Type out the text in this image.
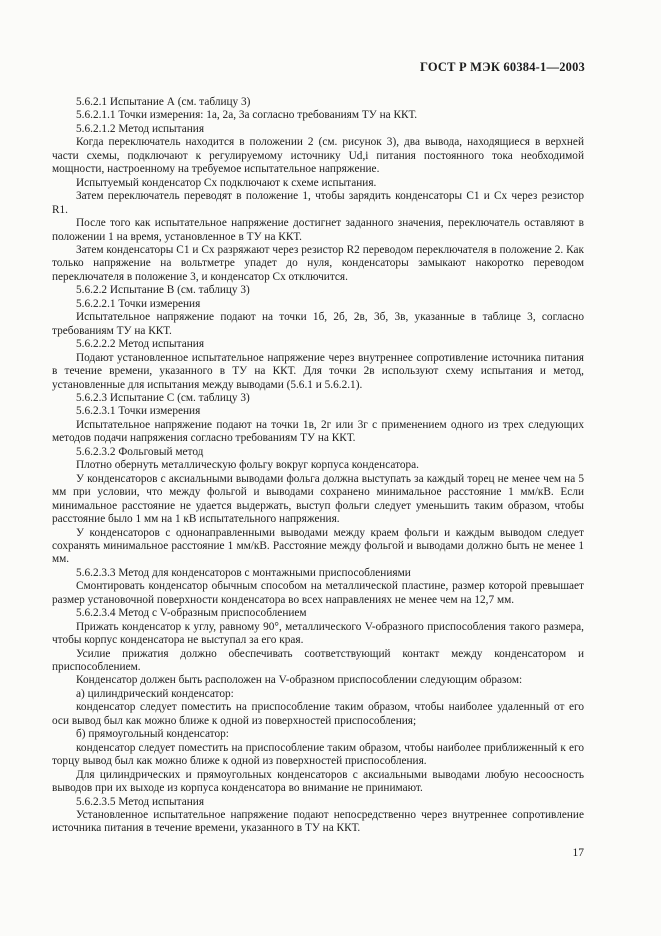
ГОСТ Р МЭК 60384-1—2003

5.6.2.1 Испытание А (см. таблицу 3)

5.6.2.1.1 Точки измерения: 1а, 2а, 3а согласно требованиям ТУ на ККТ.

5.6.2.1.2 Метод испытания

Когда переключатель находится в положении 2 (см. рисунок 3), два вывода, находящиеся в верхней части схемы, подключают к регулируемому источнику Ud,i питания постоянного тока необходимой мощности, настроенному на требуемое испытательное напряжение.

Испытуемый конденсатор Cx подключают к схеме испытания.

Затем переключатель переводят в положение 1, чтобы зарядить конденсаторы C1 и Cx через резистор R1.

После того как испытательное напряжение достигнет заданного значения, переключатель оставляют в положении 1 на время, установленное в ТУ на ККТ.

Затем конденсаторы C1 и Cx разряжают через резистор R2 переводом переключателя в положение 2. Как только напряжение на вольтметре упадет до нуля, конденсаторы замыкают накоротко переводом переключателя в положение 3, и конденсатор Cx отключится.

5.6.2.2 Испытание В (см. таблицу 3)

5.6.2.2.1 Точки измерения

Испытательное напряжение подают на точки 1б, 2б, 2в, 3б, 3в, указанные в таблице 3, согласно требованиям ТУ на ККТ.

5.6.2.2.2 Метод испытания

Подают установленное испытательное напряжение через внутреннее сопротивление источника питания в течение времени, указанного в ТУ на ККТ. Для точки 2в используют схему испытания и метод, установленные для испытания между выводами (5.6.1 и 5.6.2.1).

5.6.2.3 Испытание С (см. таблицу 3)

5.6.2.3.1 Точки измерения

Испытательное напряжение подают на точки 1в, 2г или 3г с применением одного из трех следующих методов подачи напряжения согласно требованиям ТУ на ККТ.

5.6.2.3.2 Фольговый метод

Плотно обернуть металлическую фольгу вокруг корпуса конденсатора.

У конденсаторов с аксиальными выводами фольга должна выступать за каждый торец не менее чем на 5 мм при условии, что между фольгой и выводами сохранено минимальное расстояние 1 мм/кВ. Если минимальное расстояние не удается выдержать, выступ фольги следует уменьшить таким образом, чтобы расстояние было 1 мм на 1 кВ испытательного напряжения.

У конденсаторов с однонаправленными выводами между краем фольги и каждым выводом следует сохранять минимальное расстояние 1 мм/кВ. Расстояние между фольгой и выводами должно быть не менее 1 мм.

5.6.2.3.3 Метод для конденсаторов с монтажными приспособлениями

Смонтировать конденсатор обычным способом на металлической пластине, размер которой превышает размер установочной поверхности конденсатора во всех направлениях не менее чем на 12,7 мм.

5.6.2.3.4 Метод с V-образным приспособлением

Прижать конденсатор к углу, равному 90°, металлического V-образного приспособления такого размера, чтобы корпус конденсатора не выступал за его края.

Усилие прижатия должно обеспечивать соответствующий контакт между конденсатором и приспособлением.

Конденсатор должен быть расположен на V-образном приспособлении следующим образом:

а) цилиндрический конденсатор:

конденсатор следует поместить на приспособление таким образом, чтобы наиболее удаленный от его оси вывод был как можно ближе к одной из поверхностей приспособления;

б) прямоугольный конденсатор:

конденсатор следует поместить на приспособление таким образом, чтобы наиболее приближенный к его торцу вывод был как можно ближе к одной из поверхностей приспособления.

Для цилиндрических и прямоугольных конденсаторов с аксиальными выводами любую несоосность выводов при их выходе из корпуса конденсатора во внимание не принимают.

5.6.2.3.5 Метод испытания

Установленное испытательное напряжение подают непосредственно через внутреннее сопротивление источника питания в течение времени, указанного в ТУ на ККТ.

17
